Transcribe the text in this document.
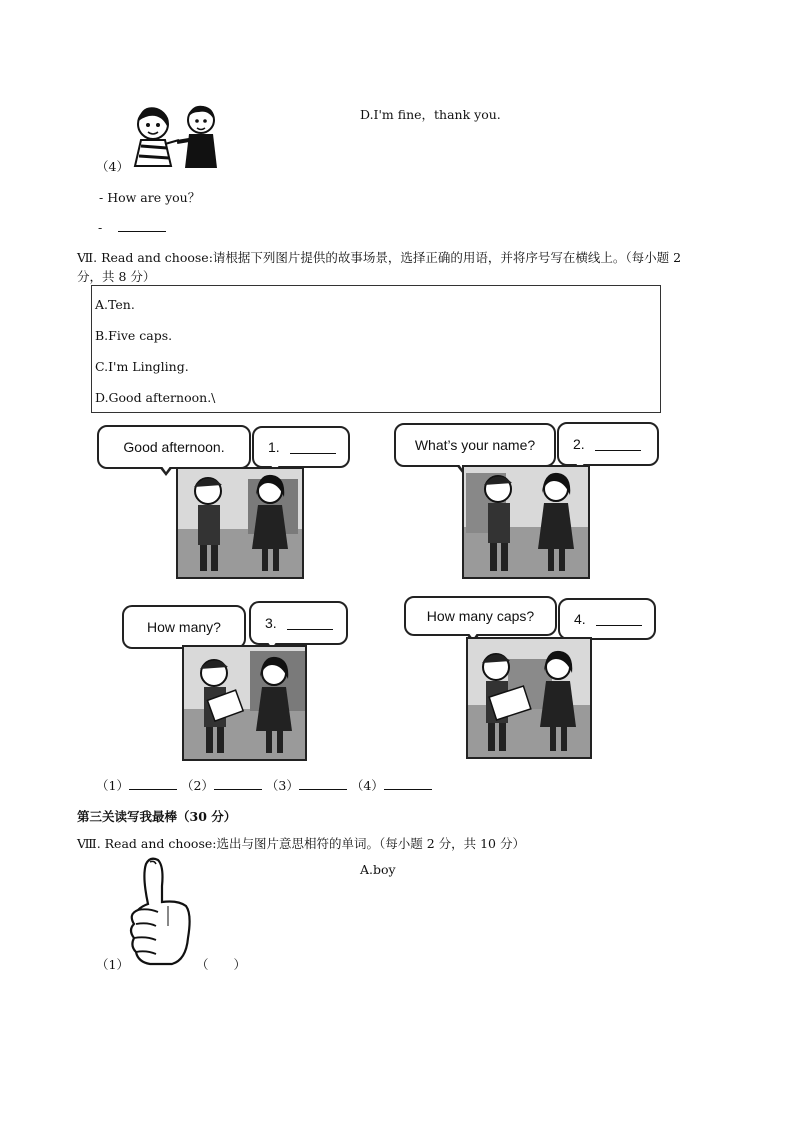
（4）
D.I'm fine，thank you.
- How are you？
-
Ⅶ. Read and choose:请根据下列图片提供的故事场景，选择正确的用语，并将序号写在横线上。（每小题 2
分，共 8 分）
A.Ten.
B.Five caps.
C.I'm Lingling.
D.Good afternoon.\
Good afternoon.	1.	What’s your name?	2.
How many?	3.	How many caps?	4.
（1）	（2）	（3）	（4）
第三关读写我最棒（30 分）
Ⅷ. Read and choose:选出与图片意思相符的单词。（每小题 2 分，共 10 分）
A.boy
（1）	（　　）
